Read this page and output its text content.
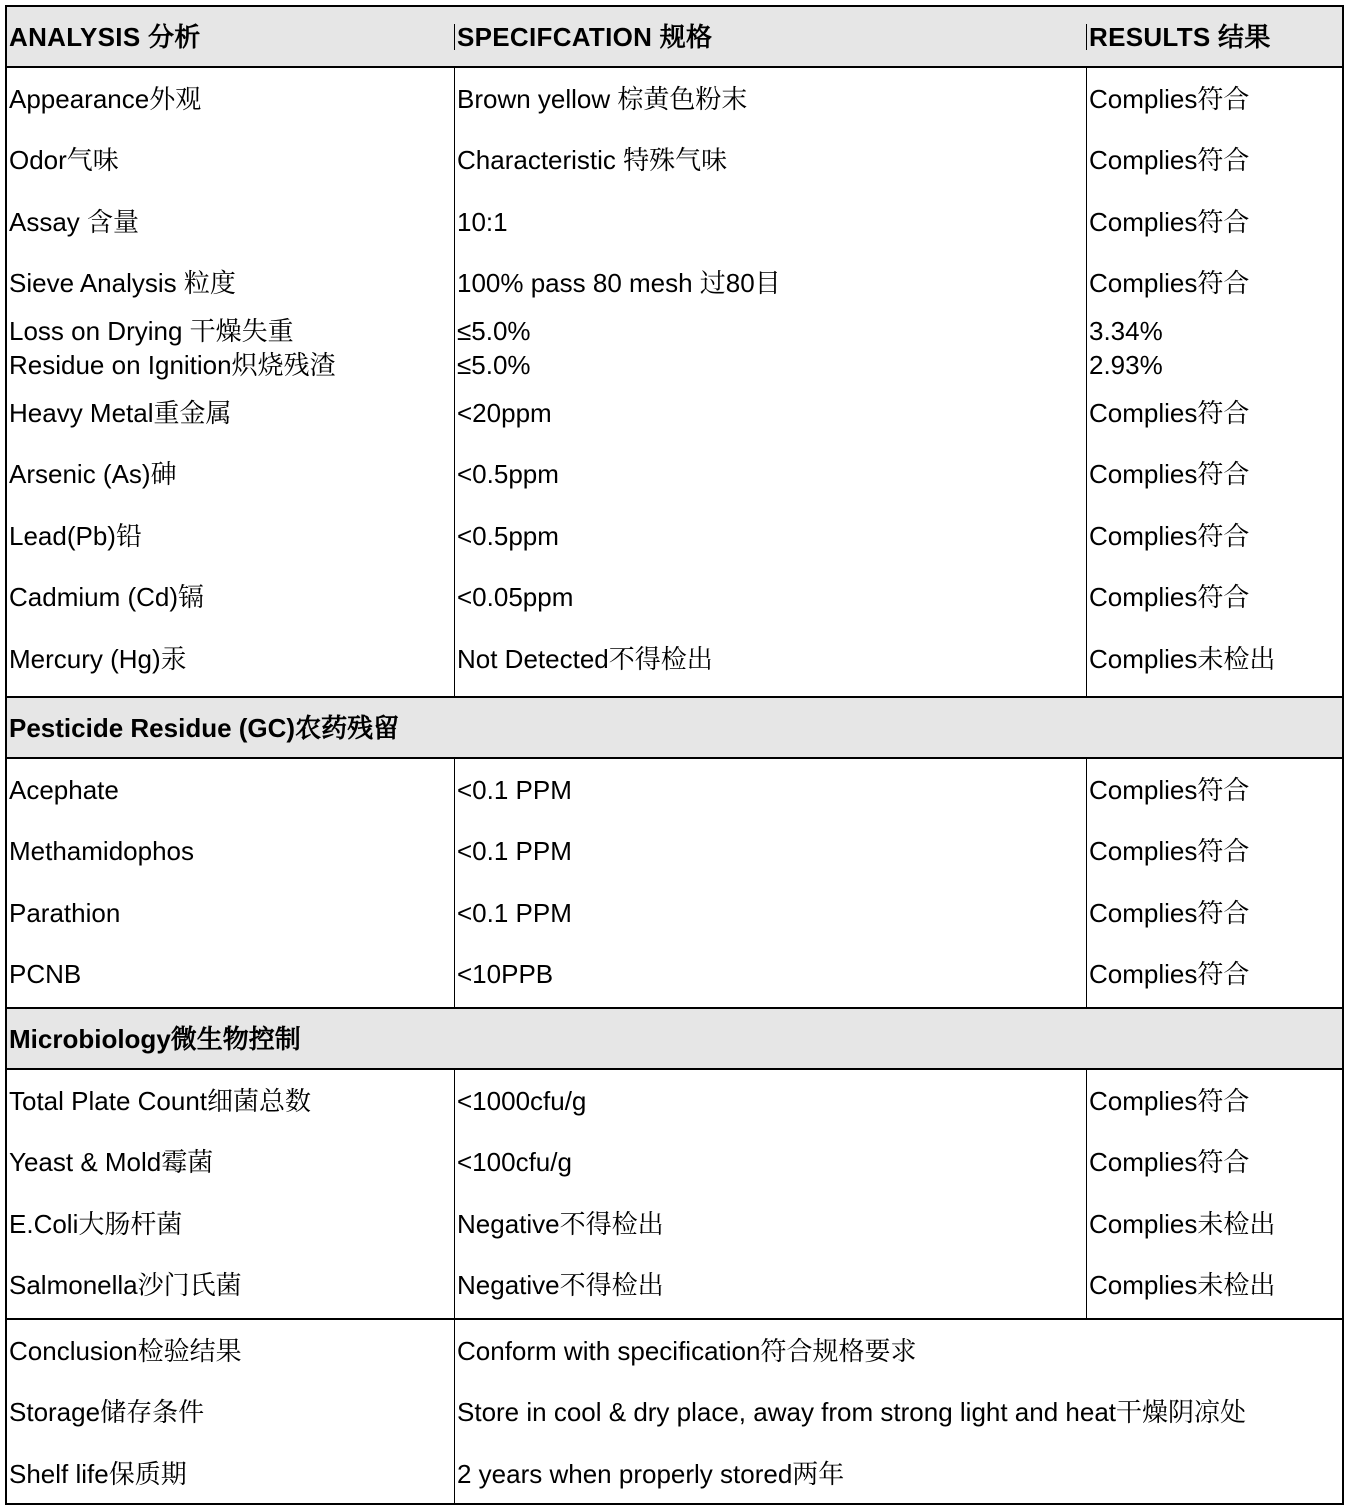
ANALYSIS 分析	SPECIFCATION 规格	RESULTS 结果
Appearance外观
Odor气味
Assay 含量
Sieve Analysis 粒度
Loss on Drying 干燥失重
Residue on Ignition炽烧残渣
Heavy Metal重金属
Arsenic (As)砷
Lead(Pb)铅
Cadmium (Cd)镉
Mercury (Hg)汞
Brown yellow 棕黄色粉末
Characteristic 特殊气味
10:1
100% pass 80 mesh 过80目
≤5.0%
≤5.0%
<20ppm
<0.5ppm
<0.5ppm
<0.05ppm
Not Detected不得检出
Complies符合
Complies符合
Complies符合
Complies符合
3.34%
2.93%
Complies符合
Complies符合
Complies符合
Complies符合
Complies未检出
Pesticide Residue (GC)农药残留
Acephate
Methamidophos
Parathion
PCNB
<0.1 PPM
<0.1 PPM
<0.1 PPM
<10PPB
Complies符合
Complies符合
Complies符合
Complies符合
Microbiology微生物控制
Total Plate Count细菌总数
Yeast & Mold霉菌
E.Coli大肠杆菌
Salmonella沙门氏菌
<1000cfu/g
<100cfu/g
Negative不得检出
Negative不得检出
Complies符合
Complies符合
Complies未检出
Complies未检出
Conclusion检验结果
Storage储存条件
Shelf life保质期
Conform with specification符合规格要求
Store in cool & dry place, away from strong light and heat干燥阴凉处
2 years when properly stored两年
